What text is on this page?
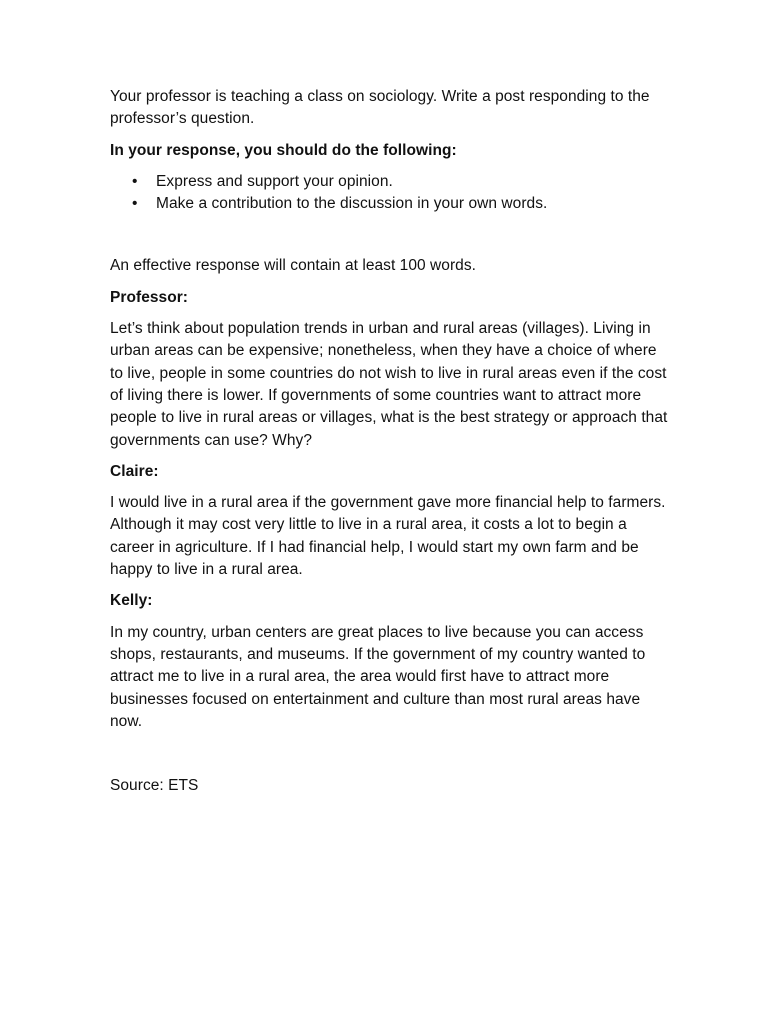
Your professor is teaching a class on sociology. Write a post responding to the professor’s question.

In your response, you should do the following:

• Express and support your opinion.
• Make a contribution to the discussion in your own words.

An effective response will contain at least 100 words.

Professor:

Let’s think about population trends in urban and rural areas (villages). Living in urban areas can be expensive; nonetheless, when they have a choice of where to live, people in some countries do not wish to live in rural areas even if the cost of living there is lower. If governments of some countries want to attract more people to live in rural areas or villages, what is the best strategy or approach that governments can use? Why?

Claire:

I would live in a rural area if the government gave more financial help to farmers. Although it may cost very little to live in a rural area, it costs a lot to begin a career in agriculture. If I had financial help, I would start my own farm and be happy to live in a rural area.

Kelly:

In my country, urban centers are great places to live because you can access shops, restaurants, and museums. If the government of my country wanted to attract me to live in a rural area, the area would first have to attract more businesses focused on entertainment and culture than most rural areas have now.

Source: ETS
